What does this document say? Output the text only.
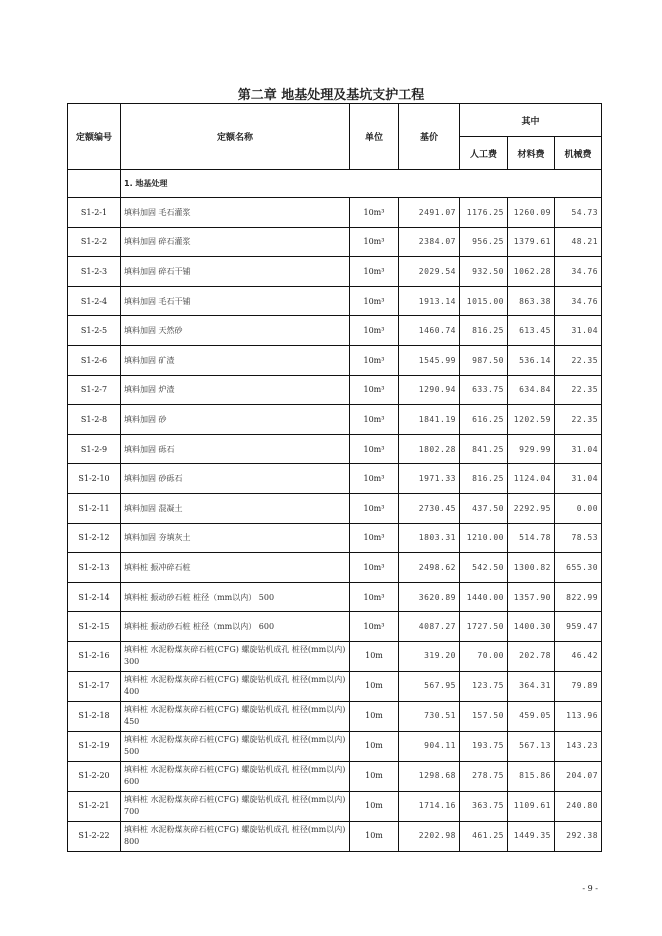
第二章 地基处理及基坑支护工程
定额编号	定额名称	单位	基价	其中		
				人工费	材料费	机械费
	1. 地基处理					
S1-2-1	填料加固 毛石灌浆	10m³	2491.07	1176.25	1260.09	54.73
S1-2-2	填料加固 碎石灌浆	10m³	2384.07	956.25	1379.61	48.21
S1-2-3	填料加固 碎石干铺	10m³	2029.54	932.50	1062.28	34.76
S1-2-4	填料加固 毛石干铺	10m³	1913.14	1015.00	863.38	34.76
S1-2-5	填料加固 天然砂	10m³	1460.74	816.25	613.45	31.04
S1-2-6	填料加固 矿渣	10m³	1545.99	987.50	536.14	22.35
S1-2-7	填料加固 炉渣	10m³	1290.94	633.75	634.84	22.35
S1-2-8	填料加固 砂	10m³	1841.19	616.25	1202.59	22.35
S1-2-9	填料加固 砾石	10m³	1802.28	841.25	929.99	31.04
S1-2-10	填料加固 砂砾石	10m³	1971.33	816.25	1124.04	31.04
S1-2-11	填料加固 混凝土	10m³	2730.45	437.50	2292.95	0.00
S1-2-12	填料加固 夯填灰土	10m³	1803.31	1210.00	514.78	78.53
S1-2-13	填料桩 振冲碎石桩	10m³	2498.62	542.50	1300.82	655.30
S1-2-14	填料桩 振动砂石桩 桩径（mm以内） 500	10m³	3620.89	1440.00	1357.90	822.99
S1-2-15	填料桩 振动砂石桩 桩径（mm以内） 600	10m³	4087.27	1727.50	1400.30	959.47
S1-2-16	填料桩 水泥粉煤灰碎石桩(CFG) 螺旋钻机成孔 桩径(mm以内) 300	10m	319.20	70.00	202.78	46.42
S1-2-17	填料桩 水泥粉煤灰碎石桩(CFG) 螺旋钻机成孔 桩径(mm以内) 400	10m	567.95	123.75	364.31	79.89
S1-2-18	填料桩 水泥粉煤灰碎石桩(CFG) 螺旋钻机成孔 桩径(mm以内) 450	10m	730.51	157.50	459.05	113.96
S1-2-19	填料桩 水泥粉煤灰碎石桩(CFG) 螺旋钻机成孔 桩径(mm以内) 500	10m	904.11	193.75	567.13	143.23
S1-2-20	填料桩 水泥粉煤灰碎石桩(CFG) 螺旋钻机成孔 桩径(mm以内) 600	10m	1298.68	278.75	815.86	204.07
S1-2-21	填料桩 水泥粉煤灰碎石桩(CFG) 螺旋钻机成孔 桩径(mm以内) 700	10m	1714.16	363.75	1109.61	240.80
S1-2-22	填料桩 水泥粉煤灰碎石桩(CFG) 螺旋钻机成孔 桩径(mm以内) 800	10m	2202.98	461.25	1449.35	292.38
- 9 -
